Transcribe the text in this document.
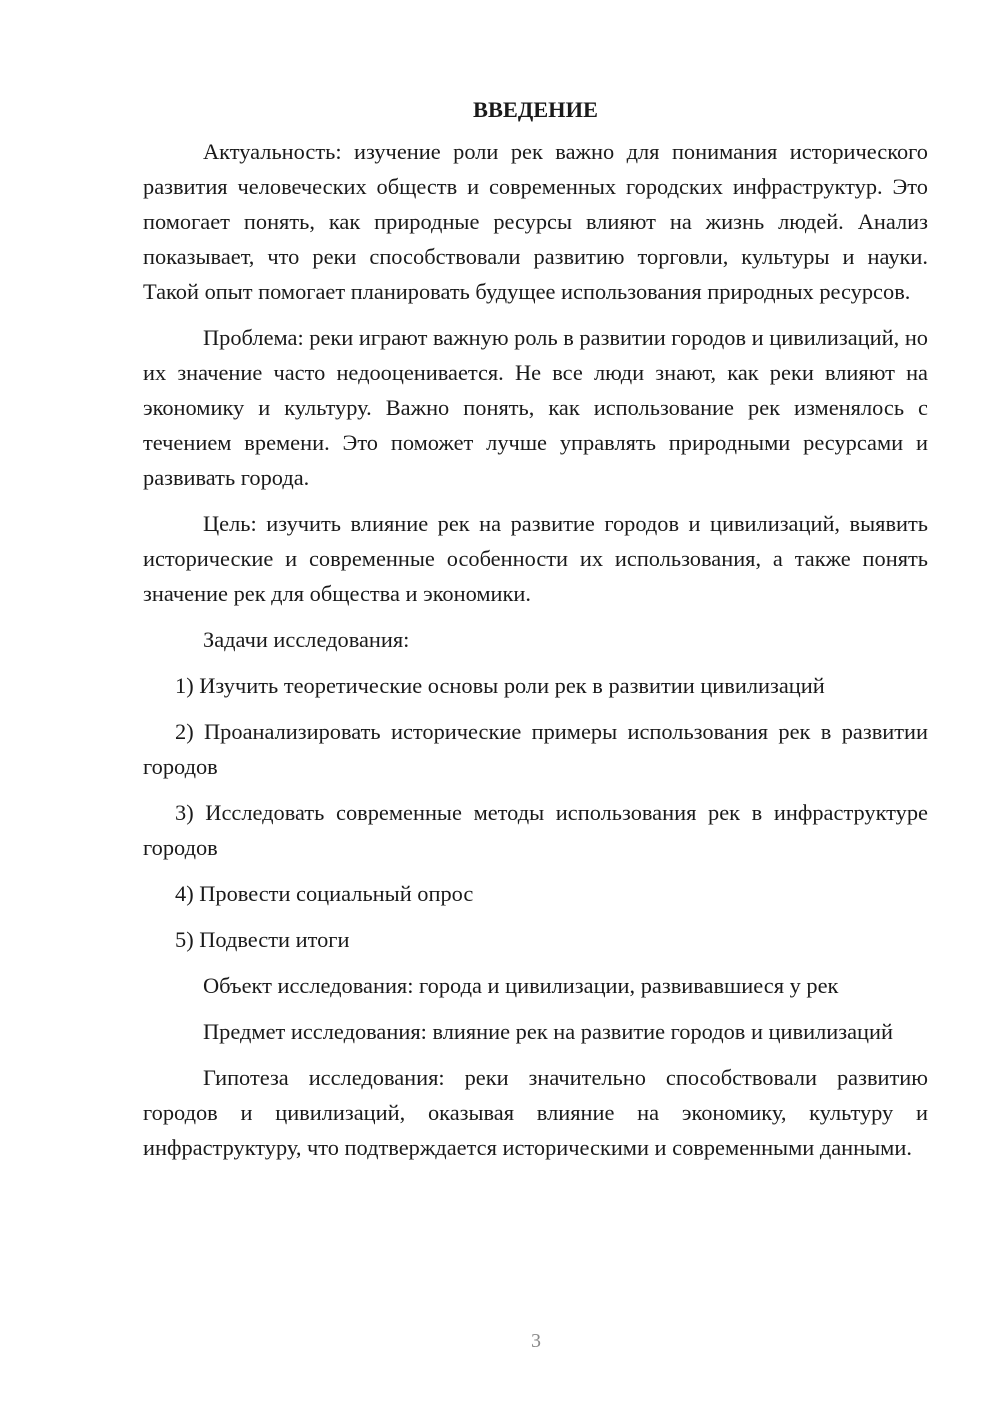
ВВЕДЕНИЕ

Актуальность: изучение роли рек важно для понимания исторического развития человеческих обществ и современных городских инфраструктур. Это помогает понять, как природные ресурсы влияют на жизнь людей. Анализ показывает, что реки способствовали развитию торговли, культуры и науки. Такой опыт помогает планировать будущее использования природных ресурсов.

Проблема: реки играют важную роль в развитии городов и цивилизаций, но их значение часто недооценивается. Не все люди знают, как реки влияют на экономику и культуру. Важно понять, как использование рек изменялось с течением времени. Это поможет лучше управлять природными ресурсами и развивать города.

Цель: изучить влияние рек на развитие городов и цивилизаций, выявить исторические и современные особенности их использования, а также понять значение рек для общества и экономики.

Задачи исследования:

1) Изучить теоретические основы роли рек в развитии цивилизаций

2) Проанализировать исторические примеры использования рек в развитии городов

3) Исследовать современные методы использования рек в инфраструктуре городов

4) Провести социальный опрос

5) Подвести итоги

Объект исследования: города и цивилизации, развивавшиеся у рек

Предмет исследования: влияние рек на развитие городов и цивилизаций

Гипотеза исследования: реки значительно способствовали развитию городов и цивилизаций, оказывая влияние на экономику, культуру и инфраструктуру, что подтверждается историческими и современными данными.

3
